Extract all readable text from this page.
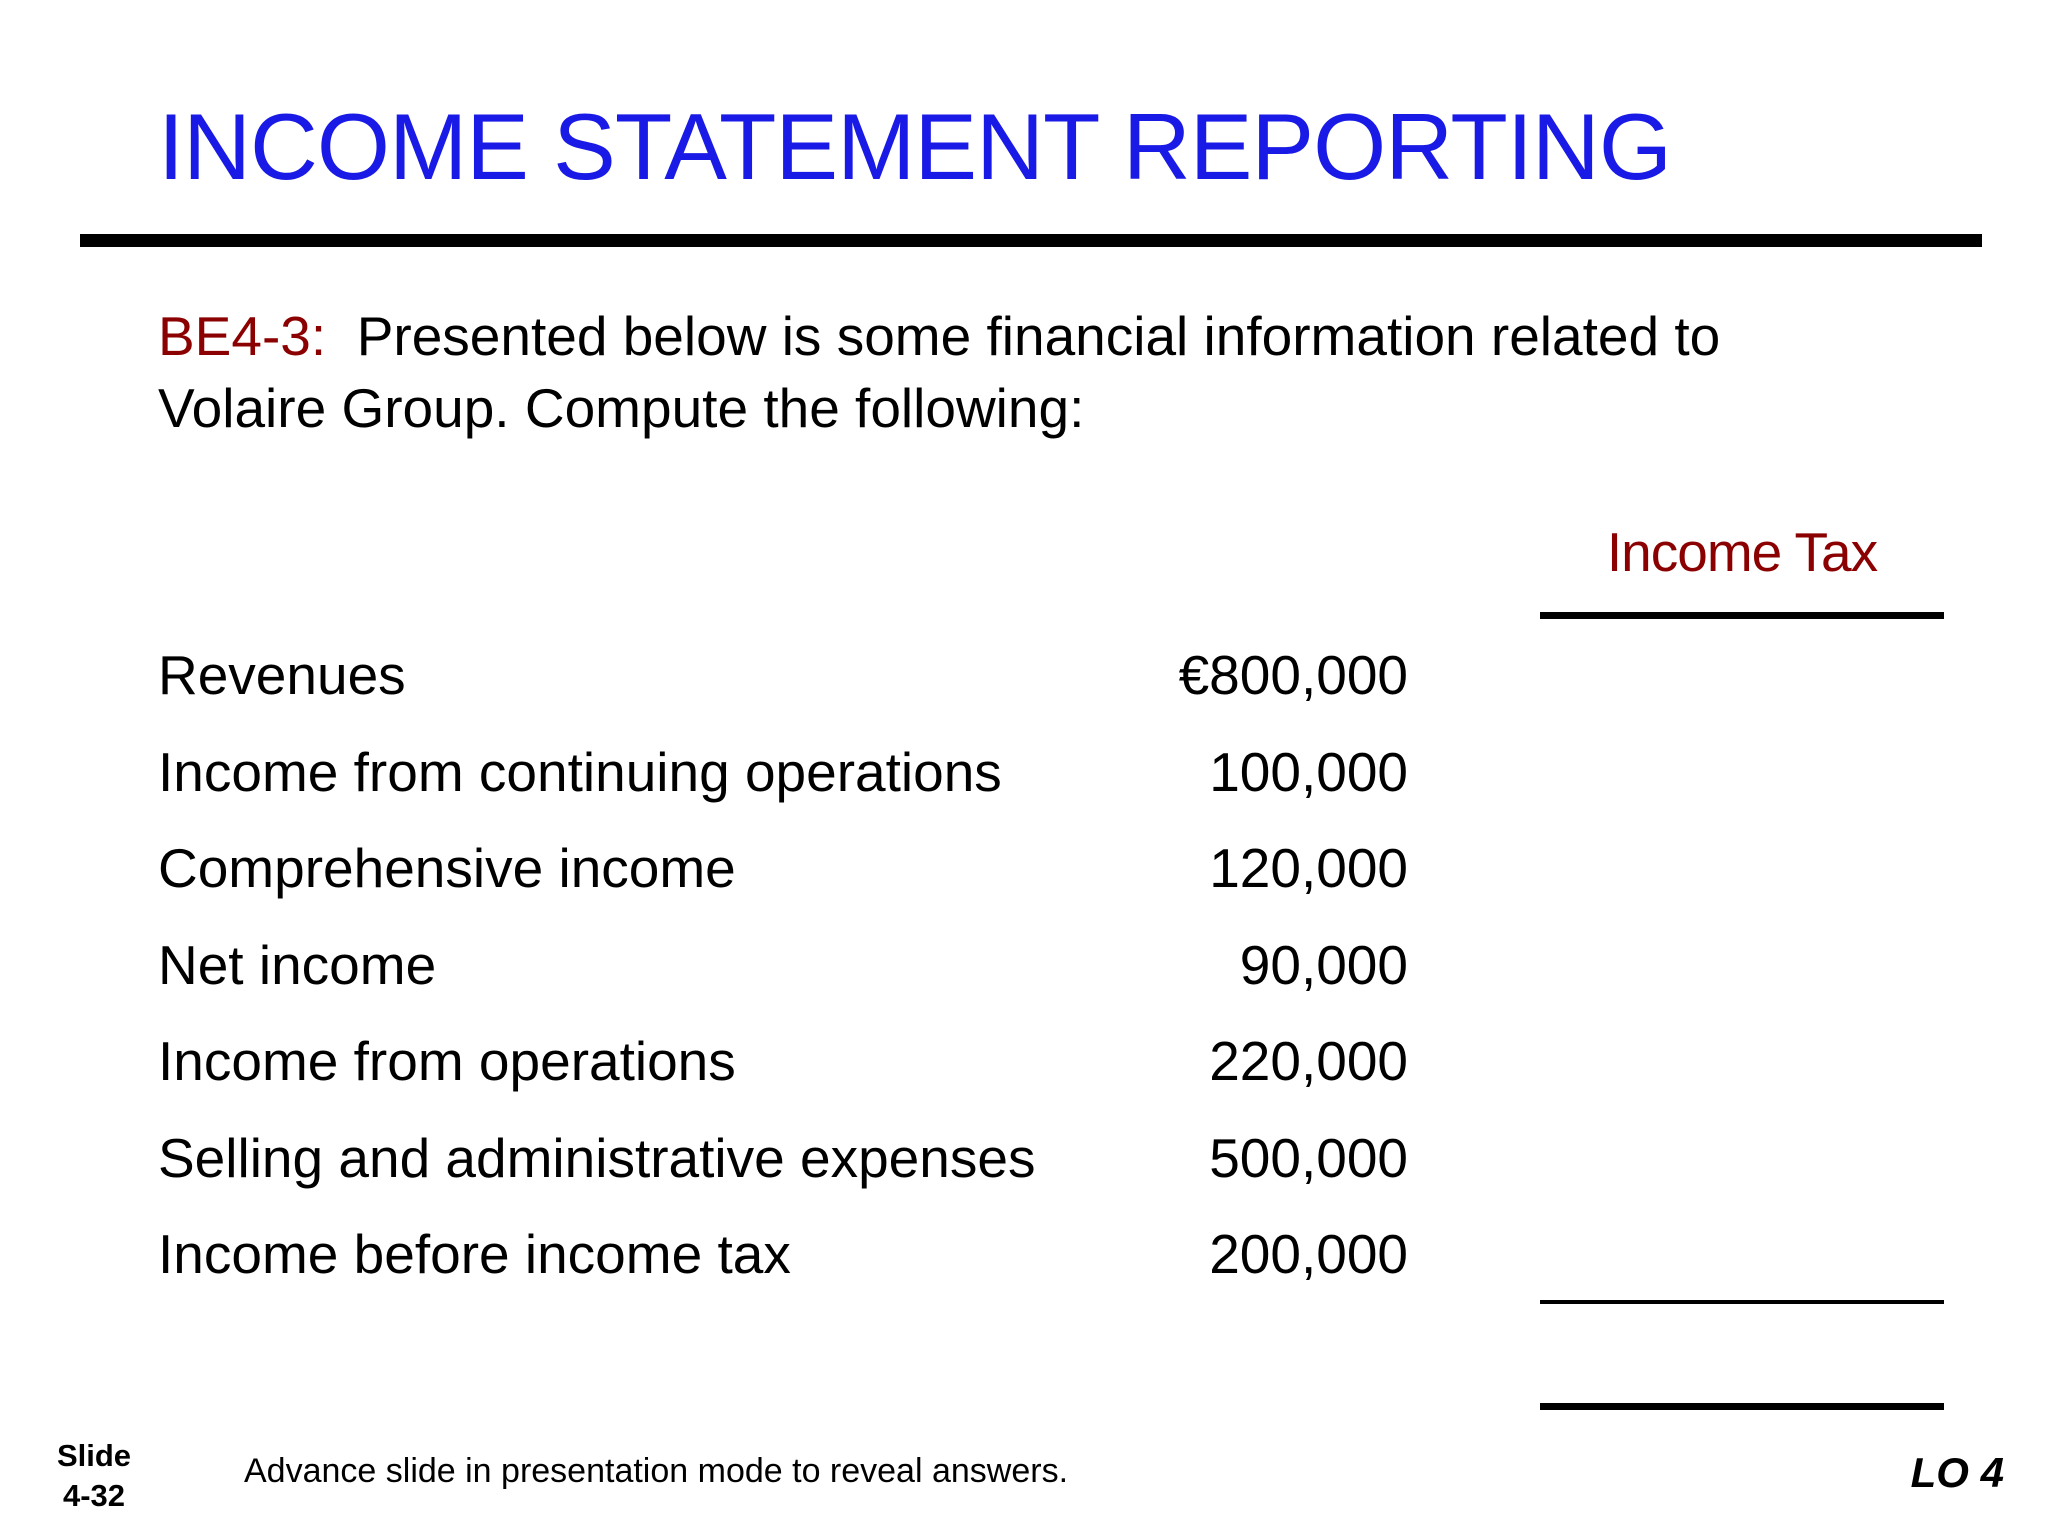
INCOME STATEMENT REPORTING
BE4-3: Presented below is some financial information related to
Volaire Group. Compute the following:
Income Tax
Revenues	€800,000
Income from continuing operations	100,000
Comprehensive income	120,000
Net income	90,000
Income from operations	220,000
Selling and administrative expenses	500,000
Income before income tax	200,000
Slide
4-32
Advance slide in presentation mode to reveal answers.	LO 4
